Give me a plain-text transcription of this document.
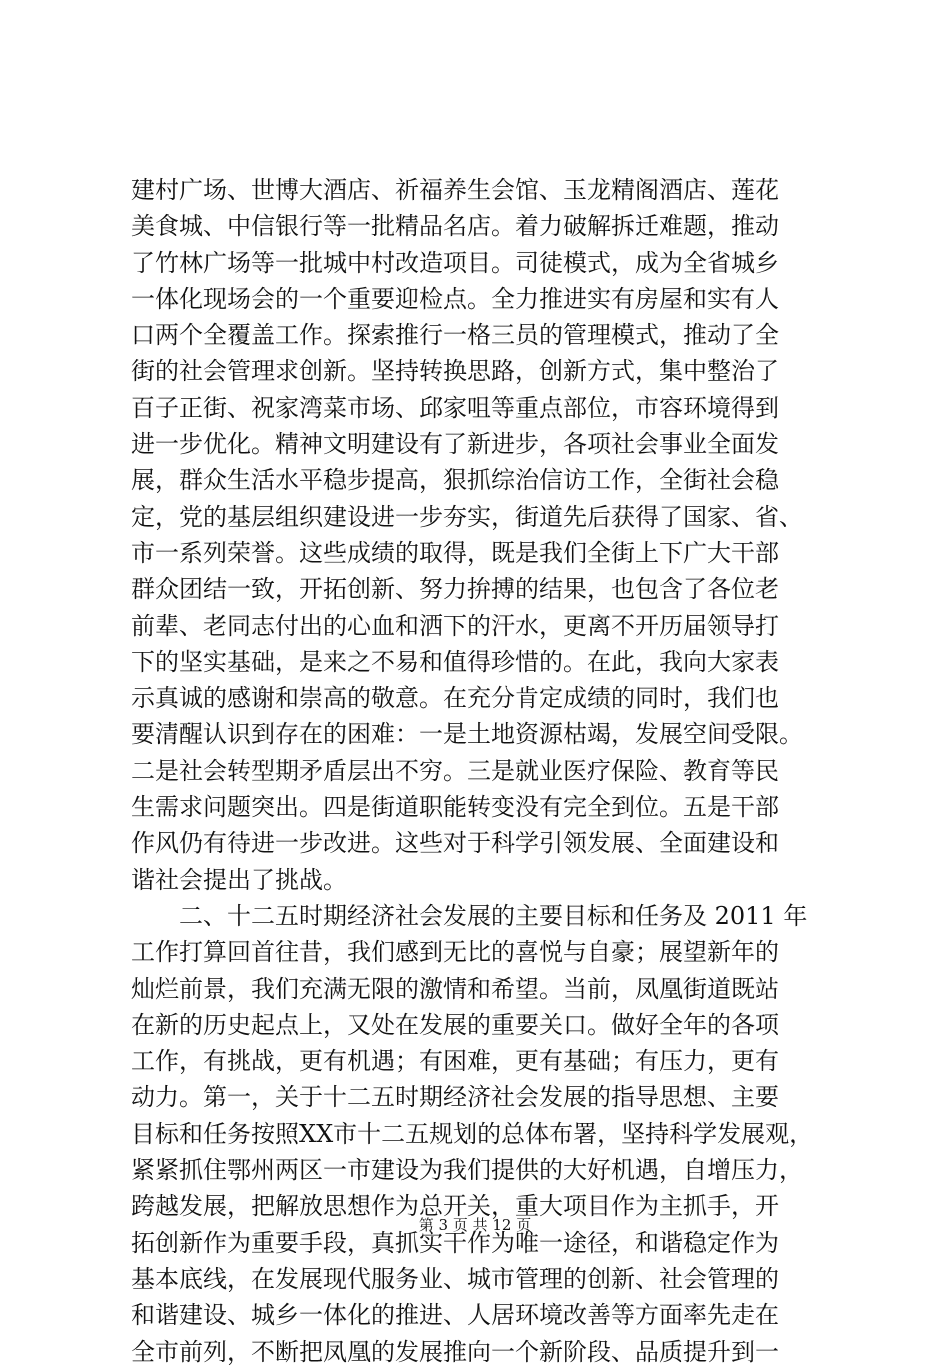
建村广场、世博大酒店、祈福养生会馆、玉龙精阁酒店、莲花
美食城、中信银行等一批精品名店。着力破解拆迁难题，推动
了竹林广场等一批城中村改造项目。司徒模式，成为全省城乡
一体化现场会的一个重要迎检点。全力推进实有房屋和实有人
口两个全覆盖工作。探索推行一格三员的管理模式，推动了全
街的社会管理求创新。坚持转换思路，创新方式，集中整治了
百子正街、祝家湾菜市场、邱家咀等重点部位，市容环境得到
进一步优化。精神文明建设有了新进步，各项社会事业全面发
展，群众生活水平稳步提高，狠抓综治信访工作，全街社会稳
定，党的基层组织建设进一步夯实，街道先后获得了国家、省、
市一系列荣誉。这些成绩的取得，既是我们全街上下广大干部
群众团结一致，开拓创新、努力拚搏的结果，也包含了各位老
前辈、老同志付出的心血和洒下的汗水，更离不开历届领导打
下的坚实基础，是来之不易和值得珍惜的。在此，我向大家表
示真诚的感谢和崇高的敬意。在充分肯定成绩的同时，我们也
要清醒认识到存在的困难：一是土地资源枯竭，发展空间受限。
二是社会转型期矛盾层出不穷。三是就业医疗保险、教育等民
生需求问题突出。四是街道职能转变没有完全到位。五是干部
作风仍有待进一步改进。这些对于科学引领发展、全面建设和
谐社会提出了挑战。
　　二、十二五时期经济社会发展的主要目标和任务及 2011 年
工作打算回首往昔，我们感到无比的喜悦与自豪；展望新年的
灿烂前景，我们充满无限的激情和希望。当前，凤凰街道既站
在新的历史起点上，又处在发展的重要关口。做好全年的各项
工作，有挑战，更有机遇；有困难，更有基础；有压力，更有
动力。第一，关于十二五时期经济社会发展的指导思想、主要
目标和任务按照XX市十二五规划的总体布署，坚持科学发展观，
紧紧抓住鄂州两区一市建设为我们提供的大好机遇，自增压力，
跨越发展，把解放思想作为总开关，重大项目作为主抓手，开
拓创新作为重要手段，真抓实干作为唯一途径，和谐稳定作为
基本底线，在发展现代服务业、城市管理的创新、社会管理的
和谐建设、城乡一体化的推进、人居环境改善等方面率先走在
全市前列，不断把凤凰的发展推向一个新阶段、品质提升到一
第 3 页 共 12 页
